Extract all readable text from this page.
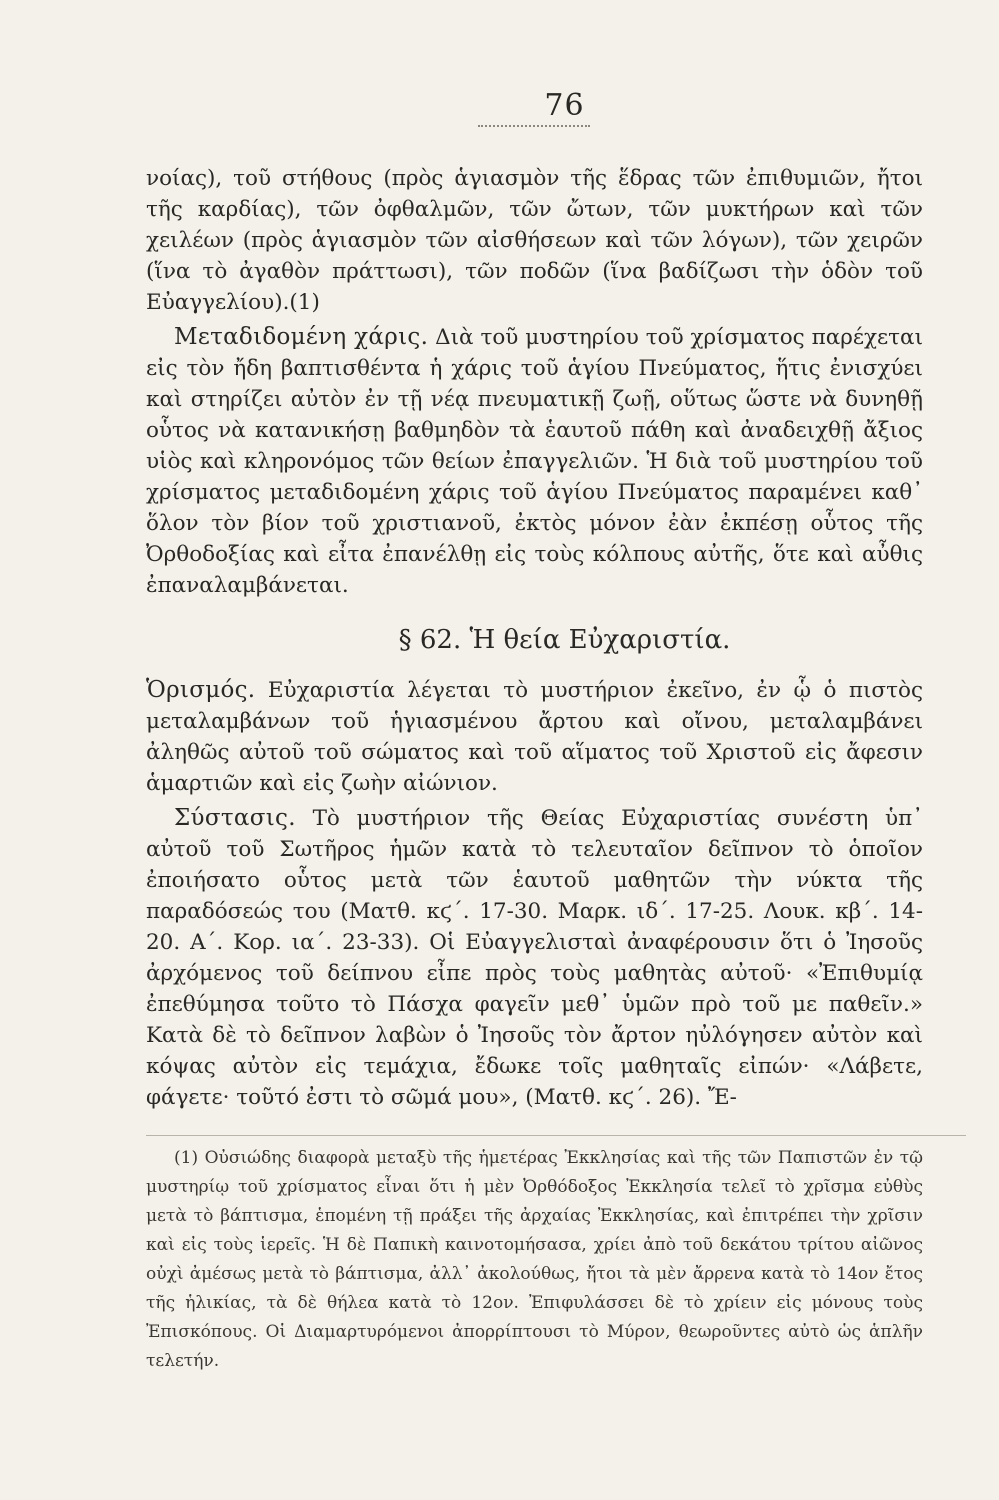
76

νοίας), τοῦ στήθους (πρὸς ἁγιασμὸν τῆς ἕδρας τῶν ἐπιθυμιῶν, ἤτοι τῆς καρδίας), τῶν ὀφθαλμῶν, τῶν ὤτων, τῶν μυκτήρων καὶ τῶν χειλέων (πρὸς ἁγιασμὸν τῶν αἰσθήσεων καὶ τῶν λόγων), τῶν χειρῶν (ἵνα τὸ ἀγαθὸν πράττωσι), τῶν ποδῶν (ἵνα βαδίζωσι τὴν ὁδὸν τοῦ Εὐαγγελίου).(1)

Μεταδιδομένη χάρις. Διὰ τοῦ μυστηρίου τοῦ χρίσματος παρέχεται εἰς τὸν ἤδη βαπτισθέντα ἡ χάρις τοῦ ἁγίου Πνεύματος, ἥτις ἐνισχύει καὶ στηρίζει αὐτὸν ἐν τῇ νέᾳ πνευματικῇ ζωῇ, οὕτως ὥστε νὰ δυνηθῇ οὗτος νὰ κατανικήσῃ βαθμηδὸν τὰ ἑαυτοῦ πάθη καὶ ἀναδειχθῇ ἄξιος υἱὸς καὶ κληρονόμος τῶν θείων ἐπαγγελιῶν. Ἡ διὰ τοῦ μυστηρίου τοῦ χρίσματος μεταδιδομένη χάρις τοῦ ἁγίου Πνεύματος παραμένει καθ᾽ ὅλον τὸν βίον τοῦ χριστιανοῦ, ἐκτὸς μόνον ἐὰν ἐκπέσῃ οὗτος τῆς Ὀρθοδοξίας καὶ εἶτα ἐπανέλθῃ εἰς τοὺς κόλπους αὐτῆς, ὅτε καὶ αὖθις ἐπαναλαμβάνεται.

§ 62. Ἡ θεία Εὐχαριστία.

Ὁρισμός. Εὐχαριστία λέγεται τὸ μυστήριον ἐκεῖνο, ἐν ᾧ ὁ πιστὸς μεταλαμβάνων τοῦ ἡγιασμένου ἄρτου καὶ οἴνου, μεταλαμβάνει ἀληθῶς αὐτοῦ τοῦ σώματος καὶ τοῦ αἵματος τοῦ Χριστοῦ εἰς ἄφεσιν ἁμαρτιῶν καὶ εἰς ζωὴν αἰώνιον.

Σύστασις. Τὸ μυστήριον τῆς Θείας Εὐχαριστίας συνέστη ὑπ᾽ αὐτοῦ τοῦ Σωτῆρος ἡμῶν κατὰ τὸ τελευταῖον δεῖπνον τὸ ὁποῖον ἐποιήσατο οὗτος μετὰ τῶν ἑαυτοῦ μαθητῶν τὴν νύκτα τῆς παραδόσεώς του (Ματθ. κϛ΄. 17-30. Μαρκ. ιδ΄. 17-25. Λουκ. κβ΄. 14-20. Α΄. Κορ. ια΄. 23-33). Οἱ Εὐαγγελισταὶ ἀναφέρουσιν ὅτι ὁ Ἰησοῦς ἀρχόμενος τοῦ δείπνου εἶπε πρὸς τοὺς μαθητὰς αὐτοῦ· «Ἐπιθυμίᾳ ἐπεθύμησα τοῦτο τὸ Πάσχα φαγεῖν μεθ᾽ ὑμῶν πρὸ τοῦ με παθεῖν.» Κατὰ δὲ τὸ δεῖπνον λαβὼν ὁ Ἰησοῦς τὸν ἄρτον ηὐλόγησεν αὐτὸν καὶ κόψας αὐτὸν εἰς τεμάχια, ἔδωκε τοῖς μαθηταῖς εἰπών· «Λάβετε, φάγετε· τοῦτό ἐστι τὸ σῶμά μου», (Ματθ. κϛ΄. 26). Ἔ-

(1) Οὐσιώδης διαφορὰ μεταξὺ τῆς ἡμετέρας Ἐκκλησίας καὶ τῆς τῶν Παπιστῶν ἐν τῷ μυστηρίῳ τοῦ χρίσματος εἶναι ὅτι ἡ μὲν Ὀρθόδοξος Ἐκκλησία τελεῖ τὸ χρῖσμα εὐθὺς μετὰ τὸ βάπτισμα, ἑπομένη τῇ πράξει τῆς ἀρχαίας Ἐκκλησίας, καὶ ἐπιτρέπει τὴν χρῖσιν καὶ εἰς τοὺς ἱερεῖς. Ἡ δὲ Παπικὴ καινοτομήσασα, χρίει ἀπὸ τοῦ δεκάτου τρίτου αἰῶνος οὐχὶ ἀμέσως μετὰ τὸ βάπτισμα, ἀλλ᾽ ἀκολούθως, ἤτοι τὰ μὲν ἄρρενα κατὰ τὸ 14ον ἔτος τῆς ἡλικίας, τὰ δὲ θήλεα κατὰ τὸ 12ον. Ἐπιφυλάσσει δὲ τὸ χρίειν εἰς μόνους τοὺς Ἐπισκόπους. Οἱ Διαμαρτυρόμενοι ἀπορρίπτουσι τὸ Μύρον, θεωροῦντες αὐτὸ ὡς ἁπλῆν τελετήν.
